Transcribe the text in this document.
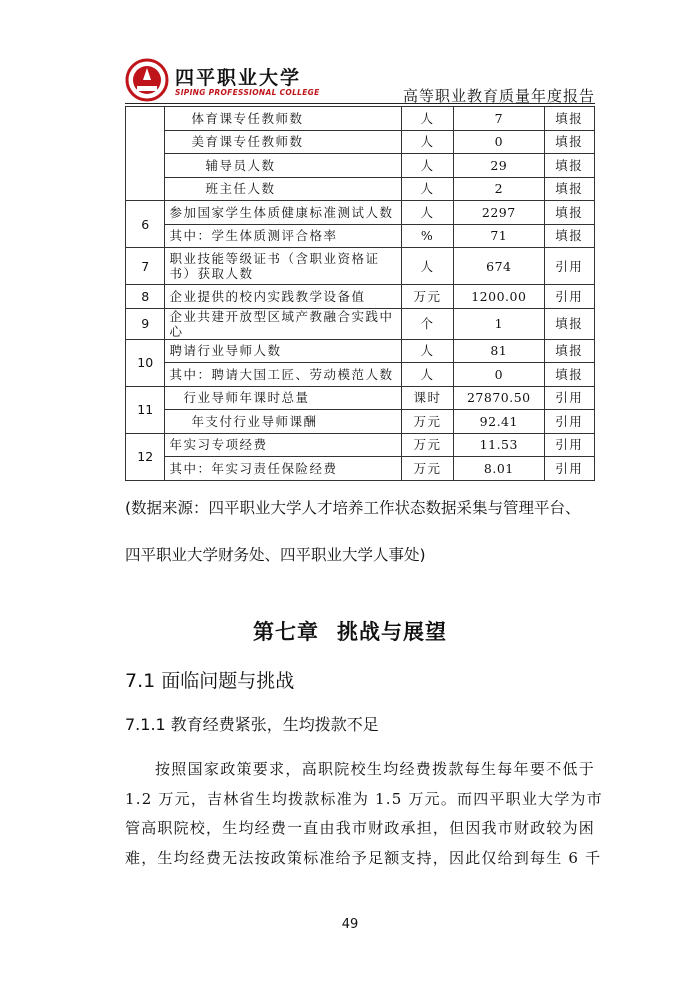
四平职业大学
SIPING PROFESSIONAL COLLEGE	高等职业教育质量年度报告
	体育课专任教师数	人	7	填报
	美育课专任教师数	人	0	填报
	辅导员人数	人	29	填报
	班主任人数	人	2	填报
6	参加国家学生体质健康标准测试人数	人	2297	填报
	其中：学生体质测评合格率	%	71	填报
7	职业技能等级证书（含职业资格证书）获取人数	人	674	引用
8	企业提供的校内实践教学设备值	万元	1200.00	引用
9	企业共建开放型区域产教融合实践中心	个	1	填报
10	聘请行业导师人数	人	81	填报
	其中：聘请大国工匠、劳动模范人数	人	0	填报
11	行业导师年课时总量	课时	27870.50	引用
	年支付行业导师课酬	万元	92.41	引用
12	年实习专项经费	万元	11.53	引用
	其中：年实习责任保险经费	万元	8.01	引用
(数据来源：四平职业大学人才培养工作状态数据采集与管理平台、
四平职业大学财务处、四平职业大学人事处)
第七章 挑战与展望
7.1 面临问题与挑战
7.1.1 教育经费紧张，生均拨款不足
按照国家政策要求，高职院校生均经费拨款每生每年要不低于
1.2 万元，吉林省生均拨款标准为 1.5 万元。而四平职业大学为市
管高职院校，生均经费一直由我市财政承担，但因我市财政较为困
难，生均经费无法按政策标准给予足额支持，因此仅给到每生 6 千
49
